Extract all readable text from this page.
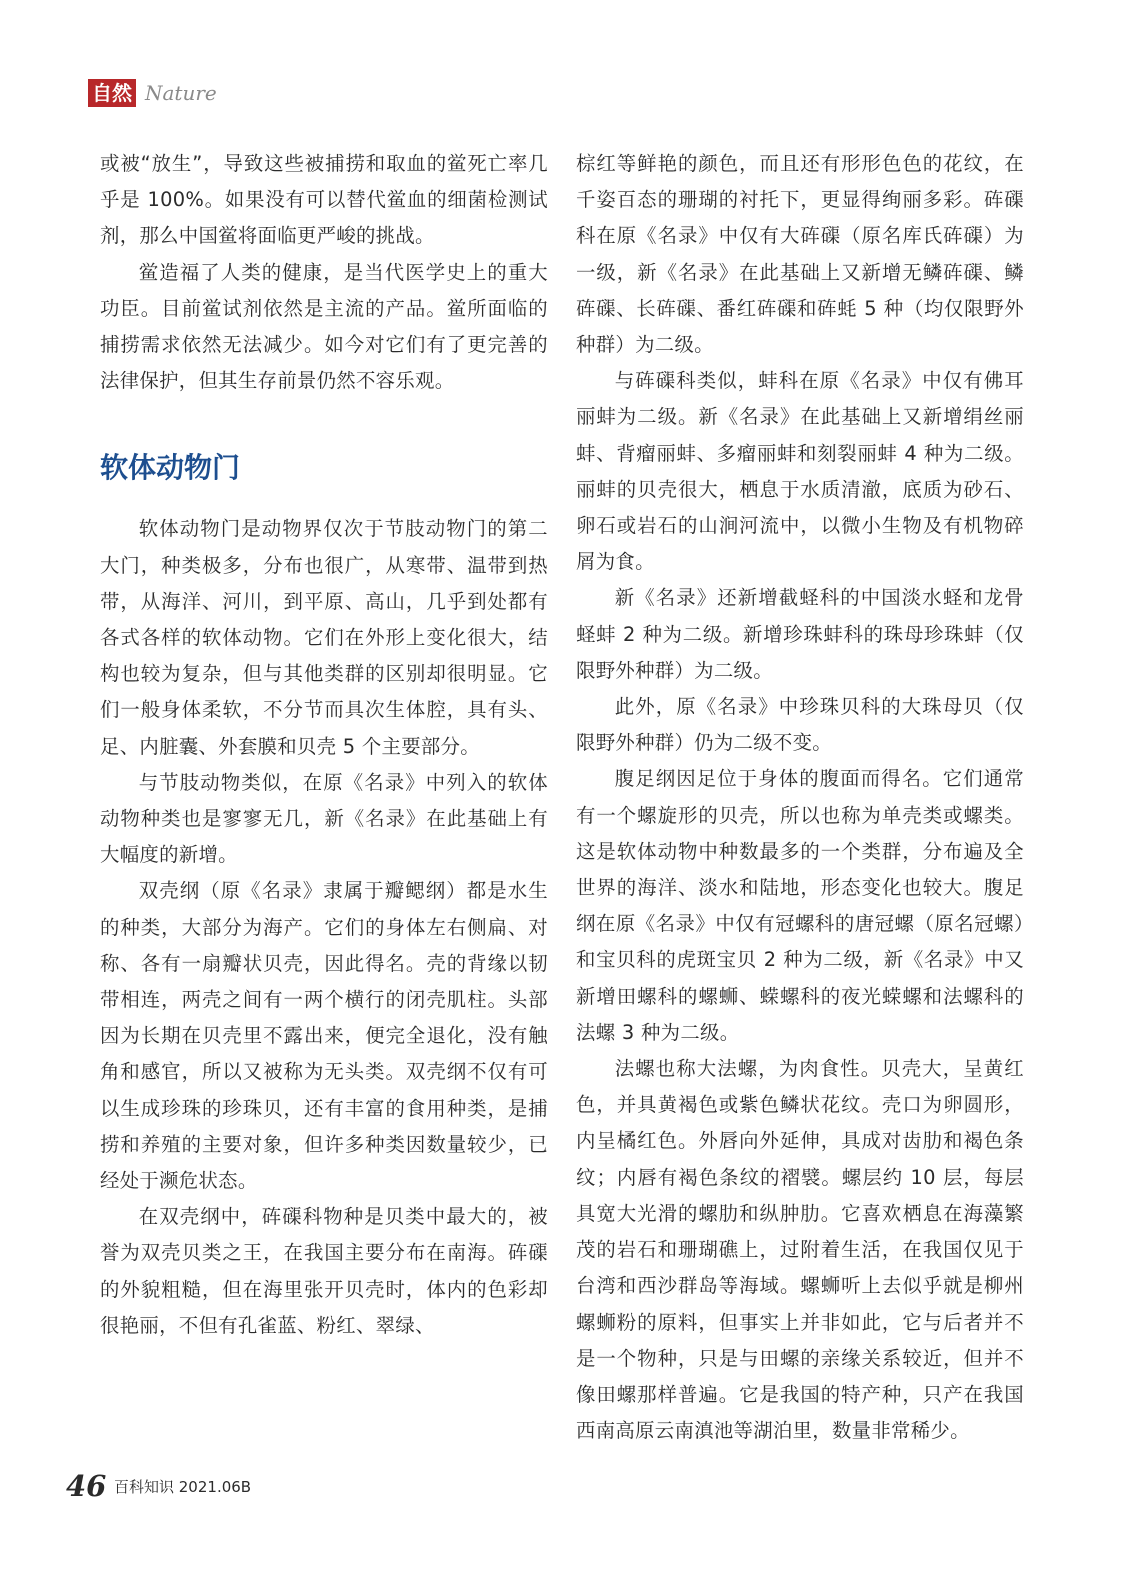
自然 Nature

或被“放生”，导致这些被捕捞和取血的鲎死亡率几乎是 100%。如果没有可以替代鲎血的细菌检测试剂，那么中国鲎将面临更严峻的挑战。

鲎造福了人类的健康，是当代医学史上的重大功臣。目前鲎试剂依然是主流的产品。鲎所面临的捕捞需求依然无法减少。如今对它们有了更完善的法律保护，但其生存前景仍然不容乐观。

软体动物门

软体动物门是动物界仅次于节肢动物门的第二大门，种类极多，分布也很广，从寒带、温带到热带，从海洋、河川，到平原、高山，几乎到处都有各式各样的软体动物。它们在外形上变化很大，结构也较为复杂，但与其他类群的区别却很明显。它们一般身体柔软，不分节而具次生体腔，具有头、足、内脏囊、外套膜和贝壳 5 个主要部分。

与节肢动物类似，在原《名录》中列入的软体动物种类也是寥寥无几，新《名录》在此基础上有大幅度的新增。

双壳纲（原《名录》隶属于瓣鳃纲）都是水生的种类，大部分为海产。它们的身体左右侧扁、对称、各有一扇瓣状贝壳，因此得名。壳的背缘以韧带相连，两壳之间有一两个横行的闭壳肌柱。头部因为长期在贝壳里不露出来，便完全退化，没有触角和感官，所以又被称为无头类。双壳纲不仅有可以生成珍珠的珍珠贝，还有丰富的食用种类，是捕捞和养殖的主要对象，但许多种类因数量较少，已经处于濒危状态。

在双壳纲中，砗磲科物种是贝类中最大的，被誉为双壳贝类之王，在我国主要分布在南海。砗磲的外貌粗糙，但在海里张开贝壳时，体内的色彩却很艳丽，不但有孔雀蓝、粉红、翠绿、

棕红等鲜艳的颜色，而且还有形形色色的花纹，在千姿百态的珊瑚的衬托下，更显得绚丽多彩。砗磲科在原《名录》中仅有大砗磲（原名库氏砗磲）为一级，新《名录》在此基础上又新增无鳞砗磲、鳞砗磲、长砗磲、番红砗磲和砗蚝 5 种（均仅限野外种群）为二级。

与砗磲科类似，蚌科在原《名录》中仅有佛耳丽蚌为二级。新《名录》在此基础上又新增绢丝丽蚌、背瘤丽蚌、多瘤丽蚌和刻裂丽蚌 4 种为二级。丽蚌的贝壳很大，栖息于水质清澈，底质为砂石、卵石或岩石的山涧河流中，以微小生物及有机物碎屑为食。

新《名录》还新增截蛏科的中国淡水蛏和龙骨蛏蚌 2 种为二级。新增珍珠蚌科的珠母珍珠蚌（仅限野外种群）为二级。

此外，原《名录》中珍珠贝科的大珠母贝（仅限野外种群）仍为二级不变。

腹足纲因足位于身体的腹面而得名。它们通常有一个螺旋形的贝壳，所以也称为单壳类或螺类。这是软体动物中种数最多的一个类群，分布遍及全世界的海洋、淡水和陆地，形态变化也较大。腹足纲在原《名录》中仅有冠螺科的唐冠螺（原名冠螺）和宝贝科的虎斑宝贝 2 种为二级，新《名录》中又新增田螺科的螺蛳、蝾螺科的夜光蝾螺和法螺科的法螺 3 种为二级。

法螺也称大法螺，为肉食性。贝壳大，呈黄红色，并具黄褐色或紫色鳞状花纹。壳口为卵圆形，内呈橘红色。外唇向外延伸，具成对齿肋和褐色条纹；内唇有褐色条纹的褶襞。螺层约 10 层，每层具宽大光滑的螺肋和纵肿肋。它喜欢栖息在海藻繁茂的岩石和珊瑚礁上，过附着生活，在我国仅见于台湾和西沙群岛等海域。螺蛳听上去似乎就是柳州螺蛳粉的原料，但事实上并非如此，它与后者并不是一个物种，只是与田螺的亲缘关系较近，但并不像田螺那样普遍。它是我国的特产种，只产在我国西南高原云南滇池等湖泊里，数量非常稀少。

46 百科知识 2021.06B
